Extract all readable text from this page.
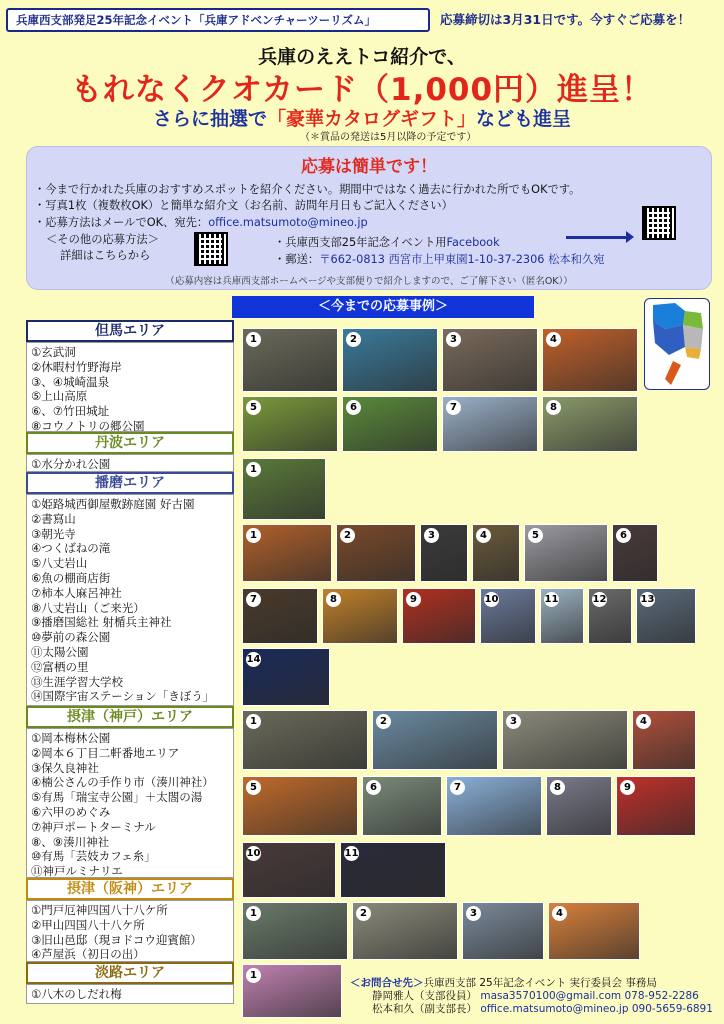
兵庫西支部発足25年記念イベント「兵庫アドベンチャーツーリズム」	応募締切は3月31日です。今すぐご応募を！
兵庫のええトコ紹介で、
もれなくクオカード（1,000円）進呈！
さらに抽選で「豪華カタログギフト」なども進呈
（＊賞品の発送は5月以降の予定です）
応募は簡単です！
・今まで行かれた兵庫のおすすめスポットを紹介ください。期間中ではなく過去に行かれた所でもOKです。
・写真1枚（複数枚OK）と簡単な紹介文（お名前、訪問年月日もご記入ください）
・応募方法はメールでOK、宛先：office.matsumoto@mineo.jp
＜その他の応募方法＞
詳細はこちらから
・兵庫西支部25年記念イベント用Facebook
・郵送：〒662-0813 西宮市上甲東園1-10-37-2306 松本和久宛
（応募内容は兵庫西支部ホームページや支部便りで紹介しますので、ご了解下さい（匿名OK））
＜今までの応募事例＞
但馬エリア
①玄武洞
②休暇村竹野海岸
③、④城崎温泉
⑤上山高原
⑥、⑦竹田城址
⑧コウノトリの郷公園
丹波エリア
①水分かれ公園
播磨エリア
①姫路城西御屋敷跡庭園 好古園
②書寫山
③朝光寺
④つくばねの滝
⑤八丈岩山
⑥魚の棚商店街
⑦柿本人麻呂神社
⑧八丈岩山（ご来光）
⑨播磨国総社 射楯兵主神社
⑩夢前の森公園
⑪太陽公園
⑫富栖の里
⑬生涯学習大学校
⑭国際宇宙ステーション「きぼう」
摂津（神戸）エリア
①岡本梅林公園
②岡本６丁目二軒番地エリア
③保久良神社
④楠公さんの手作り市（湊川神社）
⑤有馬「瑞宝寺公園」＋太閤の湯
⑥六甲のめぐみ
⑦神戸ポートターミナル
⑧、⑨湊川神社
⑩有馬「芸妓カフェ糸」
⑪神戸ルミナリエ
摂津（阪神）エリア
①門戸厄神四国八十八ケ所
②甲山四国八十八ケ所
③旧山邑邸（現ヨドコウ迎賓館）
④芦屋浜（初日の出）
淡路エリア
①八木のしだれ梅
1	2	3	4
5	6	7	8
1
1	2	3	4	5	6
7	8	9	10	11	12	13
14
1	2	3	4
5	6	7	8	9
10	11
1	2	3	4
1
＜お問合せ先＞兵庫西支部 25年記念イベント 実行委員会 事務局
静岡雅人（支部役員） masa3570100@gmail.com 078-952-2286
松本和久（副支部長） office.matsumoto@mineo.jp 090-5659-6891
